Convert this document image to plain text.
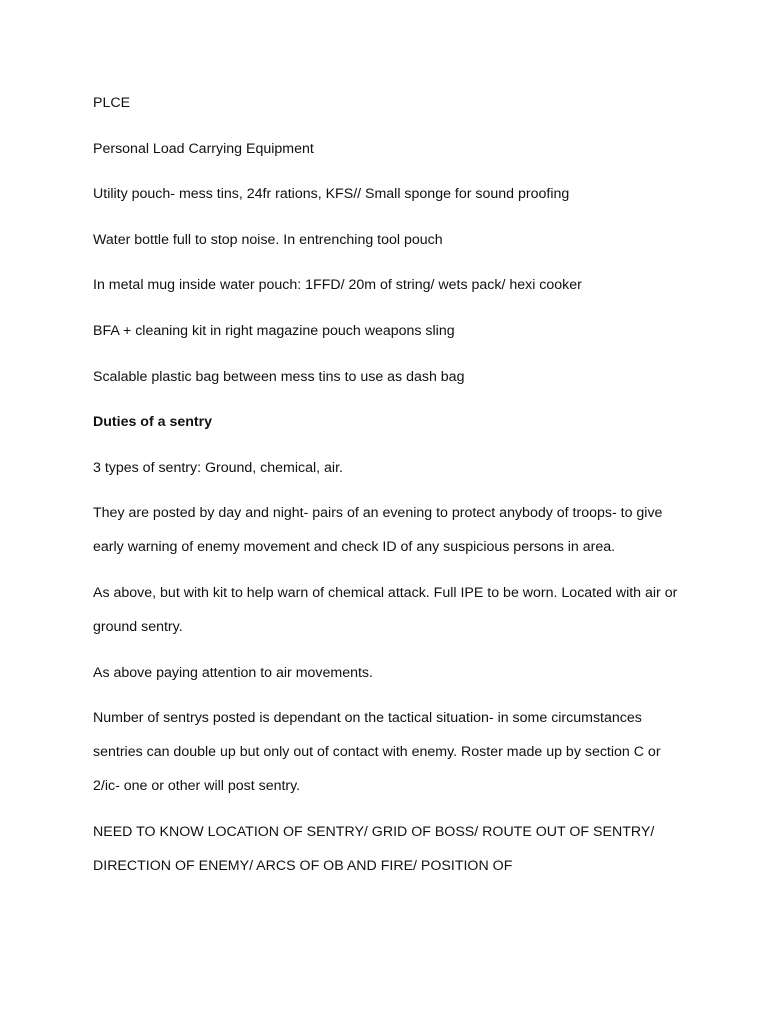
PLCE

Personal Load Carrying Equipment

Utility pouch- mess tins, 24fr rations, KFS// Small sponge for sound proofing

Water bottle full to stop noise. In entrenching tool pouch

In metal mug inside water pouch: 1FFD/ 20m of string/ wets pack/ hexi cooker

BFA + cleaning kit in right magazine pouch weapons sling

Scalable plastic bag between mess tins to use as dash bag

Duties of a sentry

3 types of sentry: Ground, chemical, air.

They are posted by day and night- pairs of an evening to protect anybody of troops- to give early warning of enemy movement and check ID of any suspicious persons in area.

As above, but with kit to help warn of chemical attack. Full IPE to be worn. Located with air or ground sentry.

As above paying attention to air movements.

Number of sentrys posted is dependant on the tactical situation- in some circumstances sentries can double up but only out of contact with enemy. Roster made up by section C or 2/ic- one or other will post sentry.

NEED TO KNOW LOCATION OF SENTRY/ GRID OF BOSS/ ROUTE OUT OF SENTRY/ DIRECTION OF ENEMY/ ARCS OF OB AND FIRE/ POSITION OF
